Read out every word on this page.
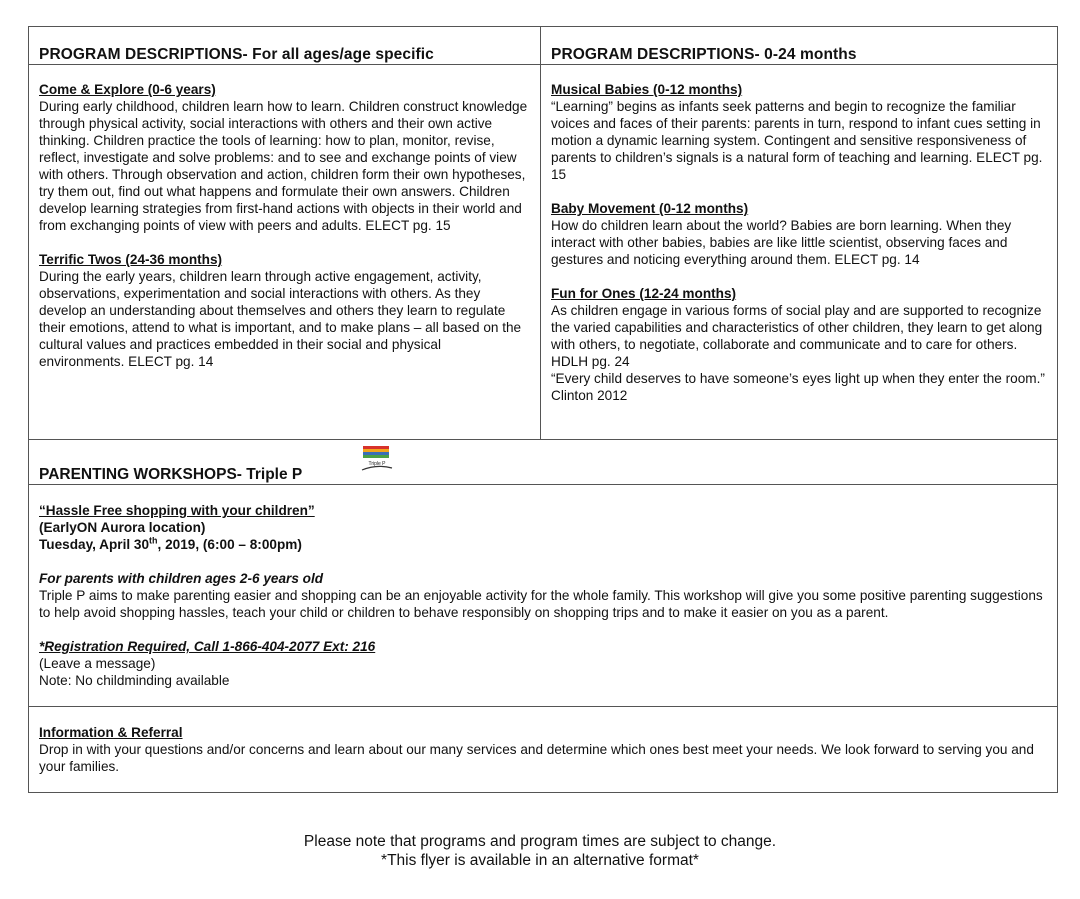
PROGRAM DESCRIPTIONS- For all ages/age specific
Come & Explore (0-6 years)

During early childhood, children learn how to learn. Children construct knowledge through physical activity, social interactions with others and their own active thinking. Children practice the tools of learning: how to plan, monitor, revise, reflect, investigate and solve problems: and to see and exchange points of view with others. Through observation and action, children form their own hypotheses, try them out, find out what happens and formulate their own answers. Children develop learning strategies from first-hand actions with objects in their world and from exchanging points of view with peers and adults. ELECT pg. 15

Terrific Twos (24-36 months)

During the early years, children learn through active engagement, activity, observations, experimentation and social interactions with others. As they develop an understanding about themselves and others they learn to regulate their emotions, attend to what is important, and to make plans – all based on the cultural values and practices embedded in their social and physical environments. ELECT pg. 14

PROGRAM DESCRIPTIONS- 0-24 months
Musical Babies (0-12 months)

“Learning” begins as infants seek patterns and begin to recognize the familiar voices and faces of their parents: parents in turn, respond to infant cues setting in motion a dynamic learning system. Contingent and sensitive responsiveness of parents to children’s signals is a natural form of teaching and learning. ELECT pg. 15

Baby Movement (0-12 months)

How do children learn about the world? Babies are born learning. When they interact with other babies, babies are like little scientist, observing faces and gestures and noticing everything around them. ELECT pg. 14

Fun for Ones (12-24 months)

As children engage in various forms of social play and are supported to recognize the varied capabilities and characteristics of other children, they learn to get along with others, to negotiate, collaborate and communicate and to care for others.

HDLH pg. 24

“Every child deserves to have someone’s eyes light up when they enter the room.” Clinton 2012

PARENTING WORKSHOPS- Triple P
Triple P
“Hassle Free shopping with your children”
(EarlyON Aurora location)
Tuesday, April 30th, 2019, (6:00 – 8:00pm)
For parents with children ages 2-6 years old

Triple P aims to make parenting easier and shopping can be an enjoyable activity for the whole family. This workshop will give you some positive parenting suggestions to help avoid shopping hassles, teach your child or children to behave responsibly on shopping trips and to make it easier on you as a parent.

*Registration Required, Call 1-866-404-2077 Ext: 216
(Leave a message)
Note: No childminding available
Information & Referral

Drop in with your questions and/or concerns and learn about our many services and determine which ones best meet your needs. We look forward to serving you and your families.

Please note that programs and program times are subject to change.
*This flyer is available in an alternative format*
